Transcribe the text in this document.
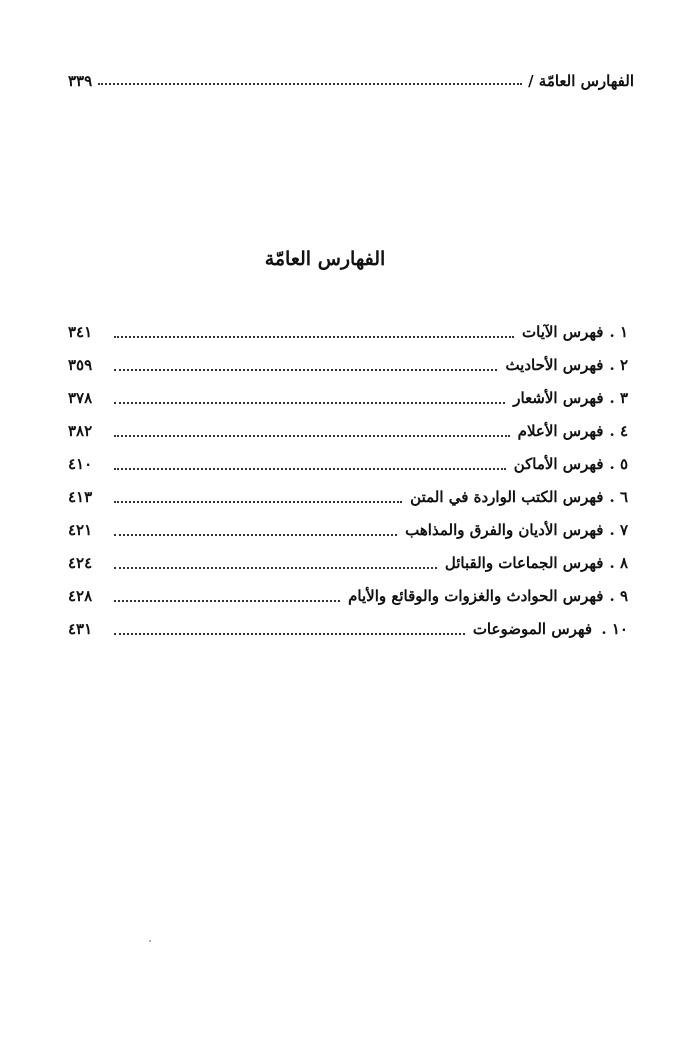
الفهارس العامّة /
٣٣٩
الفهارس العامّة
١ .
فهرس الآيات
٣٤١
٢ .
فهرس الأحاديث
٣٥٩
٣ .
فهرس الأشعار
٣٧٨
٤ .
فهرس الأعلام
٣٨٢
٥ .
فهرس الأماكن
٤١٠
٦ .
فهرس الكتب الواردة في المتن
٤١٣
٧ .
فهرس الأديان والفرق والمذاهب
٤٢١
٨ .
فهرس الجماعات والقبائل
٤٢٤
٩ .
فهرس الحوادث والغزوات والوقائع والأيام
٤٢٨
١٠ .
فهرس الموضوعات
٤٣١
